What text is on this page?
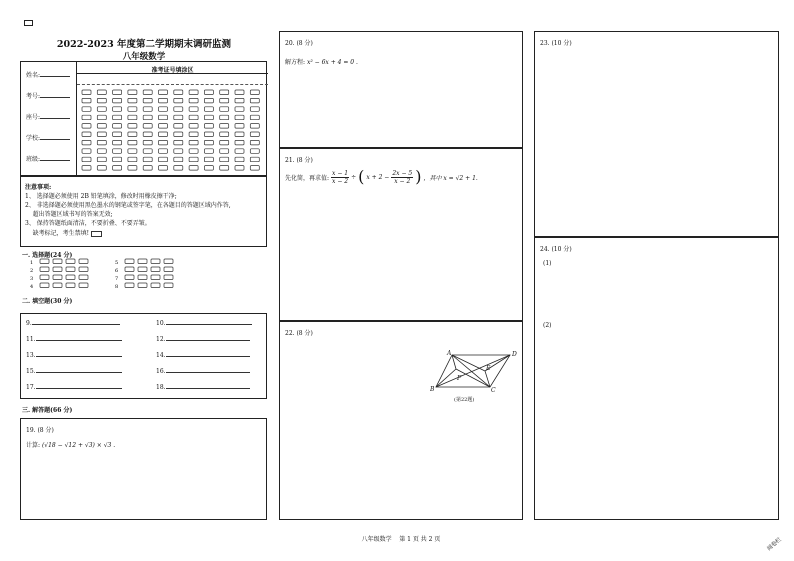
2022-2023 年度第二学期期末调研监测
八年级数学
姓名:
考号:
座号:
学校:
班级:
准考证号填涂区
注意事项:
1、 选择题必须使用 2B 铅笔填涂，修改时用橡皮擦干净;
2、 非选择题必须使用黑色墨水的钢笔或签字笔，在各题目的答题区域内作答,
超出答题区域书写的答案无效;
3、 保持答题纸面清洁，不要折叠、不要弄皱。
缺考标记，考生禁填!
一. 选择题(24 分)
1
2
3
4
5
6
7
8
二. 填空题(30 分)
9.	10.
11.	12.
13.	14.
15.	16.
17.	18.
三. 解答题(66 分)
19. (8 分)
计算: (√18 − √12 + √3) × √3 .
20. (8 分)
解方程: x² − 6x + 4 = 0 .
21. (8 分)
先化简，再求值: $\frac{x - 1}{x - 2}$ ÷ ( $x + 2 - \frac{2x - 5}{x - 2}$ ) ，其中 x = √2 + 1.
22. (8 分)
A	D
B	C
E
F
(第22题)
23. (10 分)
24. (10 分)
(1)
(2)
八年级数学    第 1 页 共 2 页	阅卷栏
